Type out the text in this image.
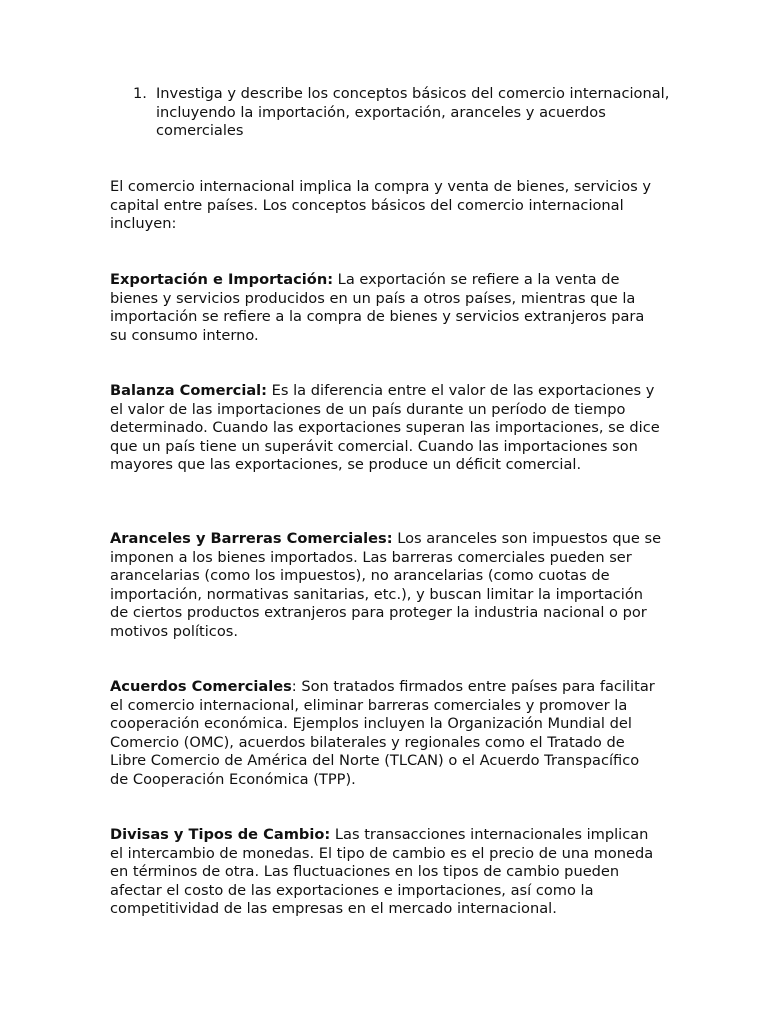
1. Investiga y describe los conceptos básicos del comercio internacional, incluyendo la importación, exportación, aranceles y acuerdos comerciales

El comercio internacional implica la compra y venta de bienes, servicios y capital entre países. Los conceptos básicos del comercio internacional incluyen:

Exportación e Importación: La exportación se refiere a la venta de bienes y servicios producidos en un país a otros países, mientras que la importación se refiere a la compra de bienes y servicios extranjeros para su consumo interno.

Balanza Comercial: Es la diferencia entre el valor de las exportaciones y el valor de las importaciones de un país durante un período de tiempo determinado. Cuando las exportaciones superan las importaciones, se dice que un país tiene un superávit comercial. Cuando las importaciones son mayores que las exportaciones, se produce un déficit comercial.

Aranceles y Barreras Comerciales: Los aranceles son impuestos que se imponen a los bienes importados. Las barreras comerciales pueden ser arancelarias (como los impuestos), no arancelarias (como cuotas de importación, normativas sanitarias, etc.), y buscan limitar la importación de ciertos productos extranjeros para proteger la industria nacional o por motivos políticos.

Acuerdos Comerciales: Son tratados firmados entre países para facilitar el comercio internacional, eliminar barreras comerciales y promover la cooperación económica. Ejemplos incluyen la Organización Mundial del Comercio (OMC), acuerdos bilaterales y regionales como el Tratado de Libre Comercio de América del Norte (TLCAN) o el Acuerdo Transpacífico de Cooperación Económica (TPP).

Divisas y Tipos de Cambio: Las transacciones internacionales implican el intercambio de monedas. El tipo de cambio es el precio de una moneda en términos de otra. Las fluctuaciones en los tipos de cambio pueden afectar el costo de las exportaciones e importaciones, así como la competitividad de las empresas en el mercado internacional.
